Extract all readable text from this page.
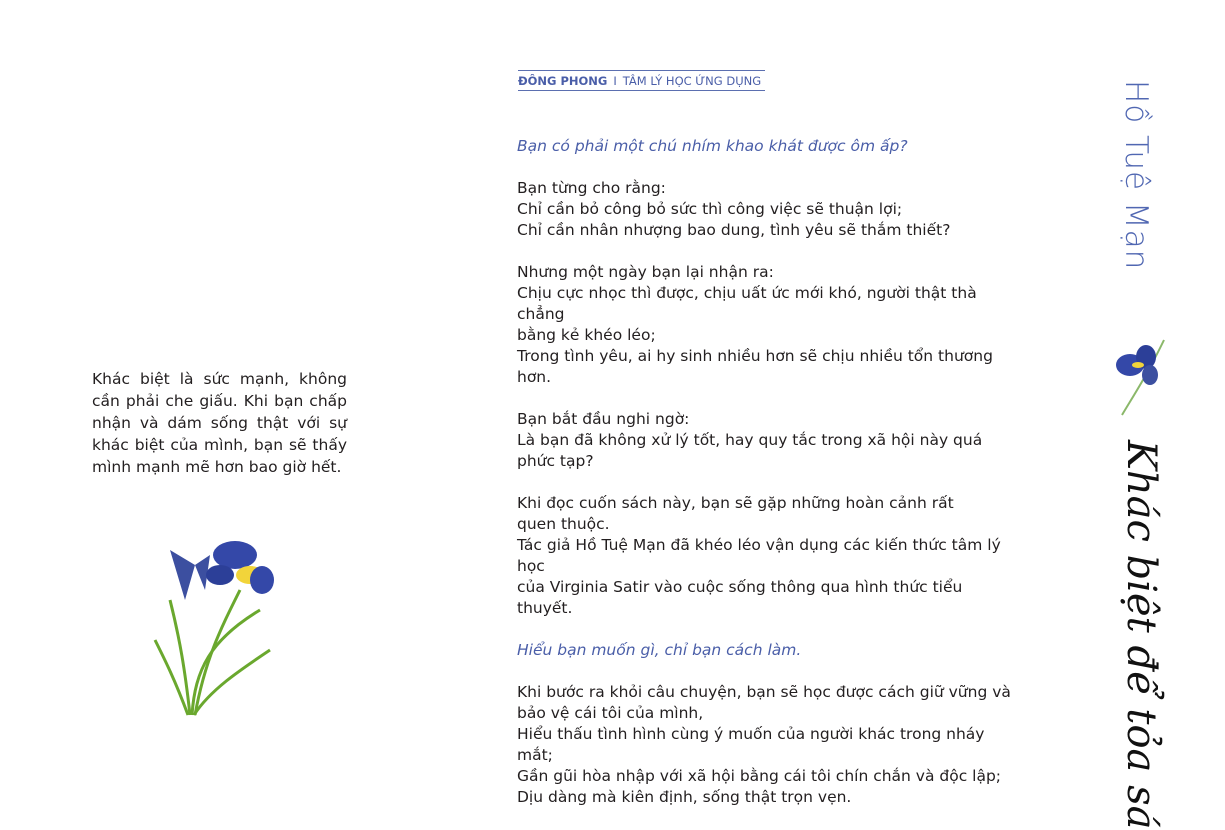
Khác biệt là sức mạnh, không cần phải che giấu. Khi bạn chấp nhận và dám sống thật với sự khác biệt của mình, bạn sẽ thấy mình mạnh mẽ hơn bao giờ hết.
ĐÔNG PHONG I TÂM LÝ HỌC ỨNG DỤNG

Bạn có phải một chú nhím khao khát được ôm ấp?

Bạn từng cho rằng:
Chỉ cần bỏ công bỏ sức thì công việc sẽ thuận lợi;
Chỉ cần nhân nhượng bao dung, tình yêu sẽ thắm thiết?

Nhưng một ngày bạn lại nhận ra:
Chịu cực nhọc thì được, chịu uất ức mới khó, người thật thà chẳng
bằng kẻ khéo léo;
Trong tình yêu, ai hy sinh nhiều hơn sẽ chịu nhiều tổn thương hơn.

Bạn bắt đầu nghi ngờ:
Là bạn đã không xử lý tốt, hay quy tắc trong xã hội này quá
phức tạp?

Khi đọc cuốn sách này, bạn sẽ gặp những hoàn cảnh rất
quen thuộc.
Tác giả Hồ Tuệ Mạn đã khéo léo vận dụng các kiến thức tâm lý học
của Virginia Satir vào cuộc sống thông qua hình thức tiểu thuyết.

Hiểu bạn muốn gì, chỉ bạn cách làm.

Khi bước ra khỏi câu chuyện, bạn sẽ học được cách giữ vững và
bảo vệ cái tôi của mình,
Hiểu thấu tình hình cùng ý muốn của người khác trong nháy mắt;
Gần gũi hòa nhập với xã hội bằng cái tôi chín chắn và độc lập;
Dịu dàng mà kiên định, sống thật trọn vẹn.

Hồ Tuệ Mạn
Khác biệt để tỏa sá
